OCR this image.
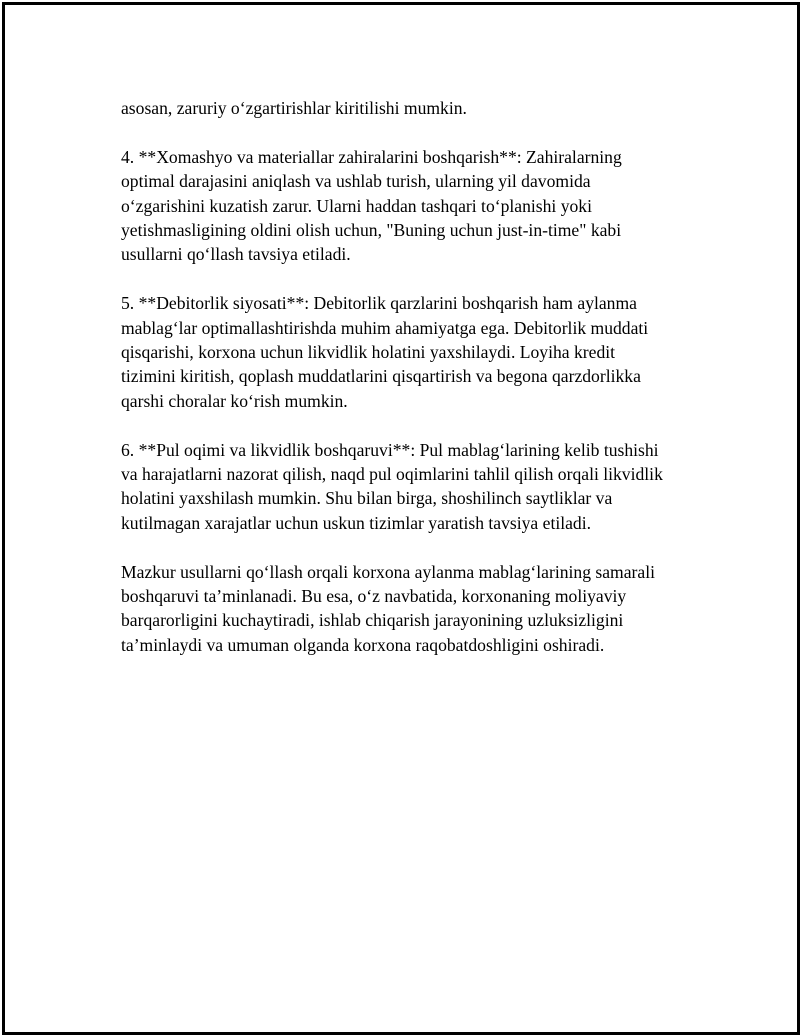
asosan, zaruriy o‘zgartirishlar kiritilishi mumkin.

4. **Xomashyo va materiallar zahiralarini boshqarish**: Zahiralarning
optimal darajasini aniqlash va ushlab turish, ularning yil davomida
o‘zgarishini kuzatish zarur. Ularni haddan tashqari to‘planishi yoki
yetishmasligining oldini olish uchun, "Buning uchun just-in-time" kabi
usullarni qo‘llash tavsiya etiladi.

5. **Debitorlik siyosati**: Debitorlik qarzlarini boshqarish ham aylanma
mablag‘lar optimallashtirishda muhim ahamiyatga ega. Debitorlik muddati
qisqarishi, korxona uchun likvidlik holatini yaxshilaydi. Loyiha kredit
tizimini kiritish, qoplash muddatlarini qisqartirish va begona qarzdorlikka
qarshi choralar ko‘rish mumkin.

6. **Pul oqimi va likvidlik boshqaruvi**: Pul mablag‘larining kelib tushishi
va harajatlarni nazorat qilish, naqd pul oqimlarini tahlil qilish orqali likvidlik
holatini yaxshilash mumkin. Shu bilan birga, shoshilinch saytliklar va
kutilmagan xarajatlar uchun uskun tizimlar yaratish tavsiya etiladi.

Mazkur usullarni qo‘llash orqali korxona aylanma mablag‘larining samarali
boshqaruvi ta’minlanadi. Bu esa, o‘z navbatida, korxonaning moliyaviy
barqarorligini kuchaytiradi, ishlab chiqarish jarayonining uzluksizligini
ta’minlaydi va umuman olganda korxona raqobatdoshligini oshiradi.
